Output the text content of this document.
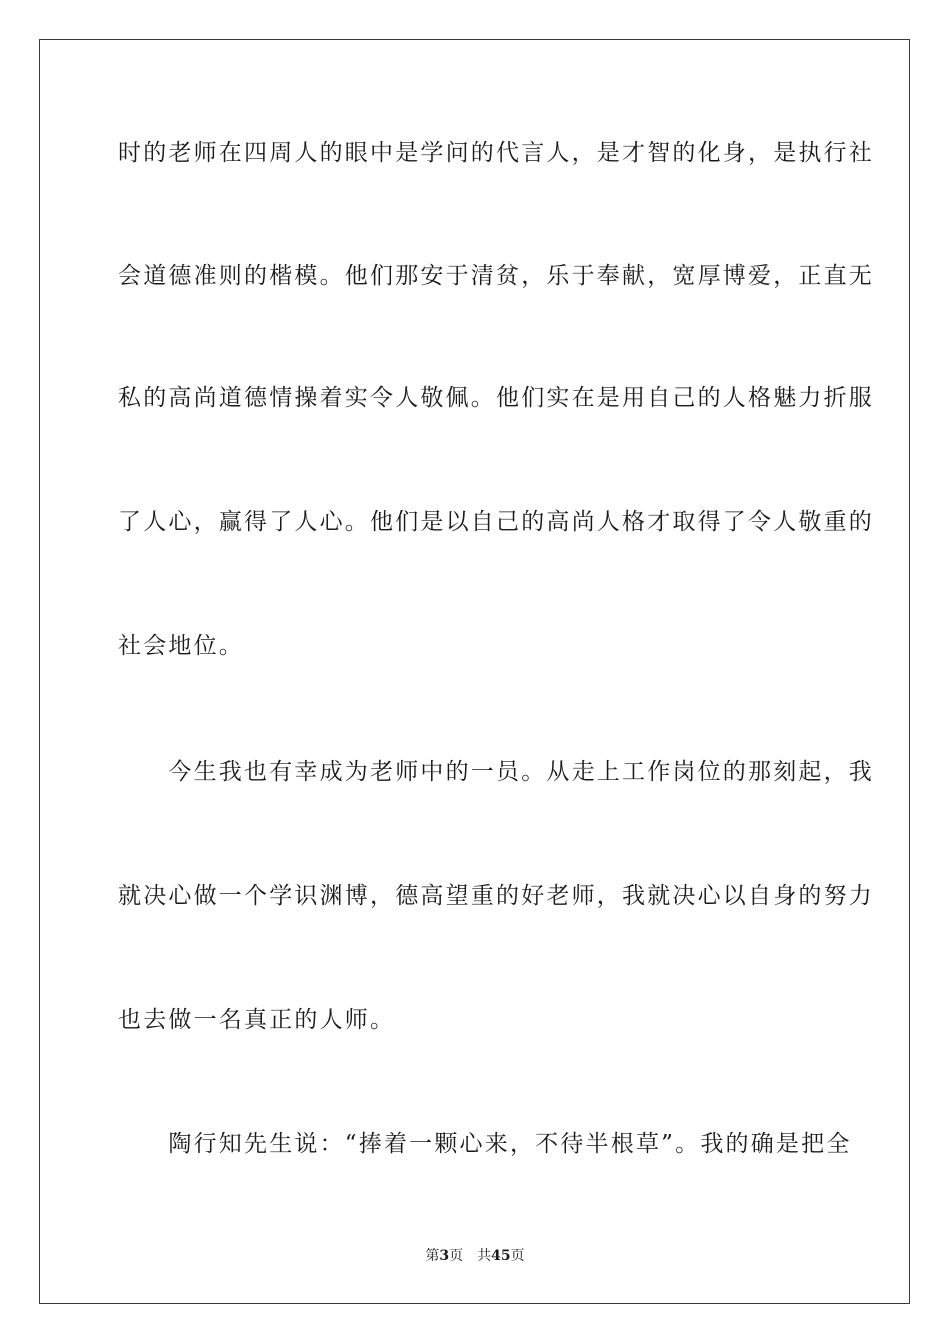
时的老师在四周人的眼中是学问的代言人，是才智的化身，是执行社
会道德准则的楷模。他们那安于清贫，乐于奉献，宽厚博爱，正直无
私的高尚道德情操着实令人敬佩。他们实在是用自己的人格魅力折服
了人心，赢得了人心。他们是以自己的高尚人格才取得了令人敬重的
社会地位。
　　今生我也有幸成为老师中的一员。从走上工作岗位的那刻起，我
就决心做一个学识渊博，德高望重的好老师，我就决心以自身的努力
也去做一名真正的人师。
　　陶行知先生说：“捧着一颗心来，不待半根草”。我的确是把全
第3页 共45页
